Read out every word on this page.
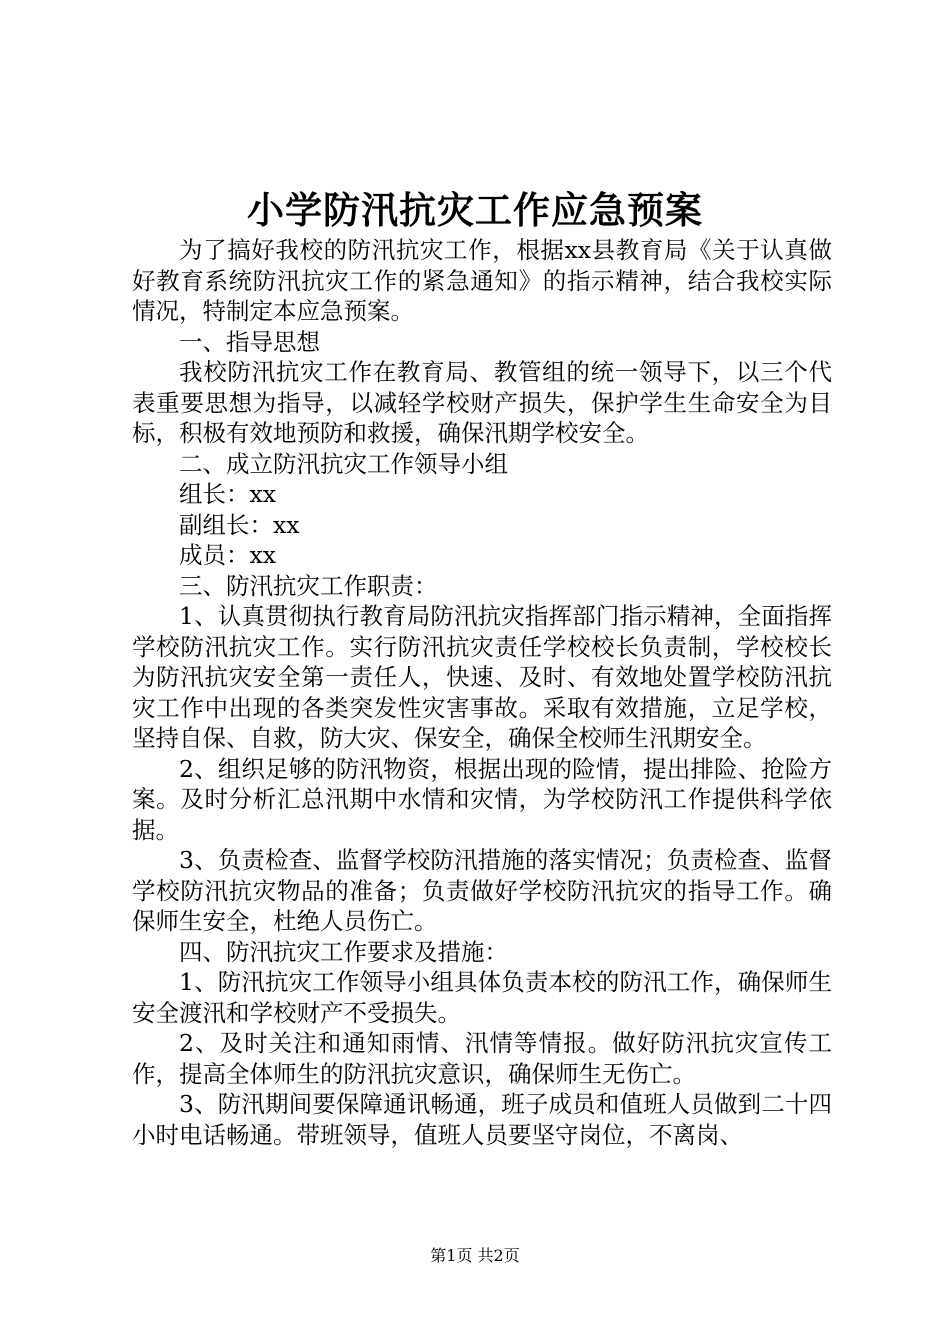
小学防汛抗灾工作应急预案

为了搞好我校的防汛抗灾工作，根据xx县教育局《关于认真做好教育系统防汛抗灾工作的紧急通知》的指示精神，结合我校实际情况，特制定本应急预案。

一、指导思想

我校防汛抗灾工作在教育局、教管组的统一领导下，以三个代表重要思想为指导，以减轻学校财产损失，保护学生生命安全为目标，积极有效地预防和救援，确保汛期学校安全。

二、成立防汛抗灾工作领导小组

组长：xx

副组长：xx

成员：xx

三、防汛抗灾工作职责：

1、认真贯彻执行教育局防汛抗灾指挥部门指示精神，全面指挥学校防汛抗灾工作。实行防汛抗灾责任学校校长负责制，学校校长为防汛抗灾安全第一责任人，快速、及时、有效地处置学校防汛抗灾工作中出现的各类突发性灾害事故。采取有效措施，立足学校，坚持自保、自救，防大灾、保安全，确保全校师生汛期安全。

2、组织足够的防汛物资，根据出现的险情，提出排险、抢险方案。及时分析汇总汛期中水情和灾情，为学校防汛工作提供科学依据。

3、负责检查、监督学校防汛措施的落实情况；负责检查、监督学校防汛抗灾物品的准备；负责做好学校防汛抗灾的指导工作。确保师生安全，杜绝人员伤亡。

四、防汛抗灾工作要求及措施：

1、防汛抗灾工作领导小组具体负责本校的防汛工作，确保师生安全渡汛和学校财产不受损失。

2、及时关注和通知雨情、汛情等情报。做好防汛抗灾宣传工作，提高全体师生的防汛抗灾意识，确保师生无伤亡。

3、防汛期间要保障通讯畅通，班子成员和值班人员做到二十四小时电话畅通。带班领导，值班人员要坚守岗位，不离岗、

第1页 共2页
